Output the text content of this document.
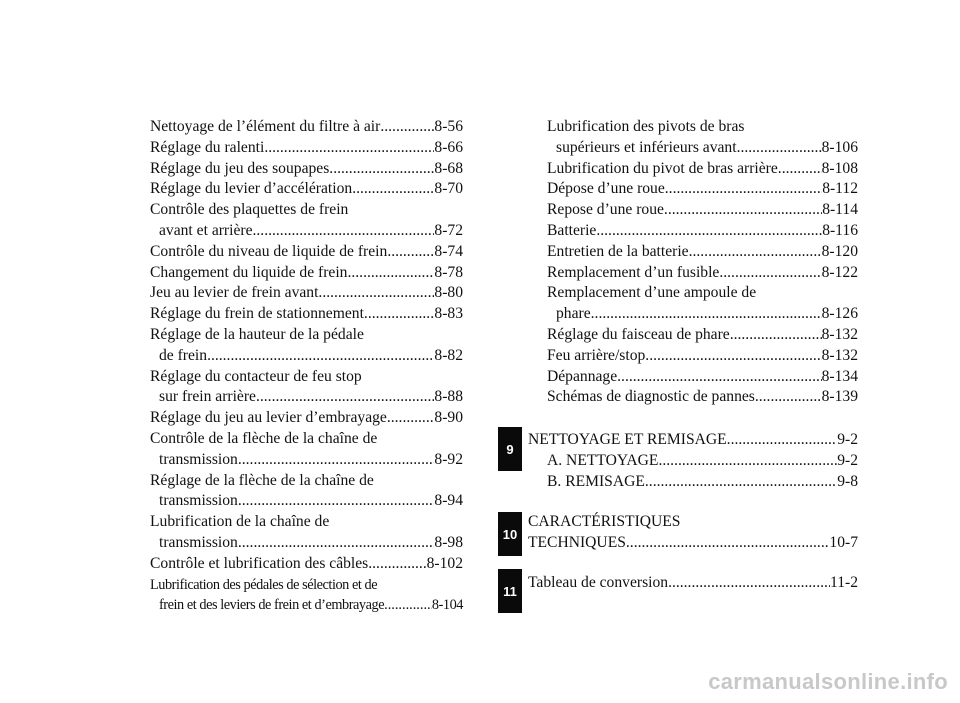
Nettoyage de l’élément du filtre à air .....	8-56
Réglage du ralenti .....	8-66
Réglage du jeu des soupapes .....	8-68
Réglage du levier d’accélération .....	8-70
Contrôle des plaquettes de frein
avant et arrière .....	8-72
Contrôle du niveau de liquide de frein .....	8-74
Changement du liquide de frein .....	8-78
Jeu au levier de frein avant .....	8-80
Réglage du frein de stationnement .....	8-83
Réglage de la hauteur de la pédale
de frein .....	8-82
Réglage du contacteur de feu stop
sur frein arrière .....	8-88
Réglage du jeu au levier d’embrayage .....	8-90
Contrôle de la flèche de la chaîne de
transmission .....	8-92
Réglage de la flèche de la chaîne de
transmission .....	8-94
Lubrification de la chaîne de
transmission .....	8-98
Contrôle et lubrification des câbles .....	8-102
Lubrification des pédales de sélection et de
frein et des leviers de frein et d’embrayage .....	8-104
Lubrification des pivots de bras
supérieurs et inférieurs avant .....	8-106
Lubrification du pivot de bras arrière .....	8-108
Dépose d’une roue .....	8-112
Repose d’une roue .....	8-114
Batterie .....	8-116
Entretien de la batterie .....	8-120
Remplacement d’un fusible .....	8-122
Remplacement d’une ampoule de
phare .....	8-126
Réglage du faisceau de phare .....	8-132
Feu arrière/stop .....	8-132
Dépannage .....	8-134
Schémas de diagnostic de pannes .....	8-139
9
NETTOYAGE ET REMISAGE .....	9-2
A. NETTOYAGE .....	9-2
B. REMISAGE .....	9-8
10
CARACTÉRISTIQUES
TECHNIQUES .....	10-7
11 Tableau de conversion .....	11-2
carmanualsonline.info
